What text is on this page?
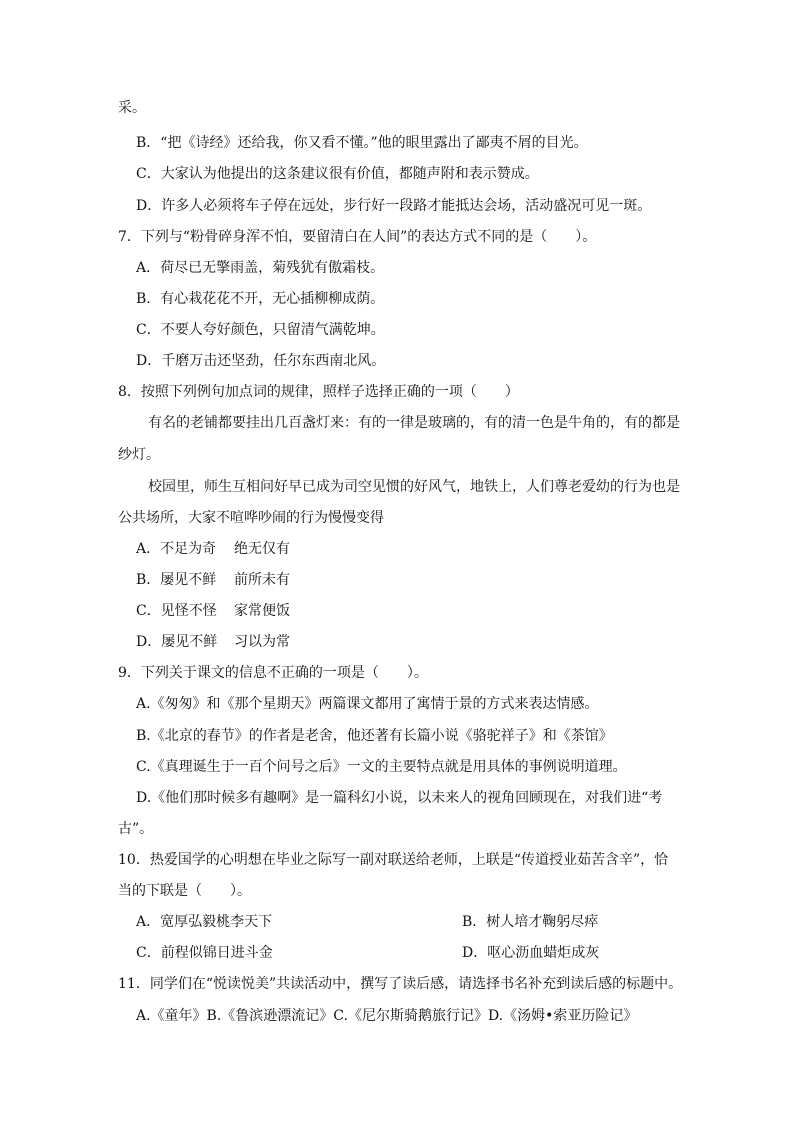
采。
B．“把《诗经》还给我，你又看不懂。”他的眼里露出了鄙夷不屑的目光。
C．大家认为他提出的这条建议很有价值，都随声附和表示赞成。
D．许多人必须将车子停在远处，步行好一段路才能抵达会场，活动盛况可见一斑。
7．下列与“粉骨碎身浑不怕，要留清白在人间”的表达方式不同的是（　　）。
A．荷尽已无擎雨盖，菊残犹有傲霜枝。
B．有心栽花花不开，无心插柳柳成荫。
C．不要人夸好颜色，只留清气满乾坤。
D．千磨万击还坚劲，任尔东西南北风。
8．按照下列例句加点词的规律，照样子选择正确的一项（　　）
有名的老铺都要挂出几百盏灯来：有的一律是玻璃的，有的清一色是牛角的，有的都是
纱灯。
校园里，师生互相问好早已成为司空见惯的好风气，地铁上，人们尊老爱幼的行为也是
公共场所，大家不喧哗吵闹的行为慢慢变得
A．不足为奇 绝无仅有
B．屡见不鲜 前所未有
C．见怪不怪 家常便饭
D．屡见不鲜 习以为常
9．下列关于课文的信息不正确的一项是（　　）。
A.《匆匆》和《那个星期天》两篇课文都用了寓情于景的方式来表达情感。
B.《北京的春节》的作者是老舍，他还著有长篇小说《骆驼祥子》和《茶馆》
C.《真理诞生于一百个问号之后》一文的主要特点就是用具体的事例说明道理。
D.《他们那时候多有趣啊》是一篇科幻小说，以未来人的视角回顾现在，对我们进“考
古”。
10．热爱国学的心明想在毕业之际写一副对联送给老师，上联是“传道授业茹苦含辛”，恰
当的下联是（　　）。
A．宽厚弘毅桃李天下	B．树人培才鞠躬尽瘁
C．前程似锦日进斗金	D．呕心沥血蜡炬成灰
11．同学们在“悦读悦美”共读活动中，撰写了读后感，请选择书名补充到读后感的标题中。
A.《童年》B.《鲁滨逊漂流记》C.《尼尔斯骑鹅旅行记》D.《汤姆•索亚历险记》
